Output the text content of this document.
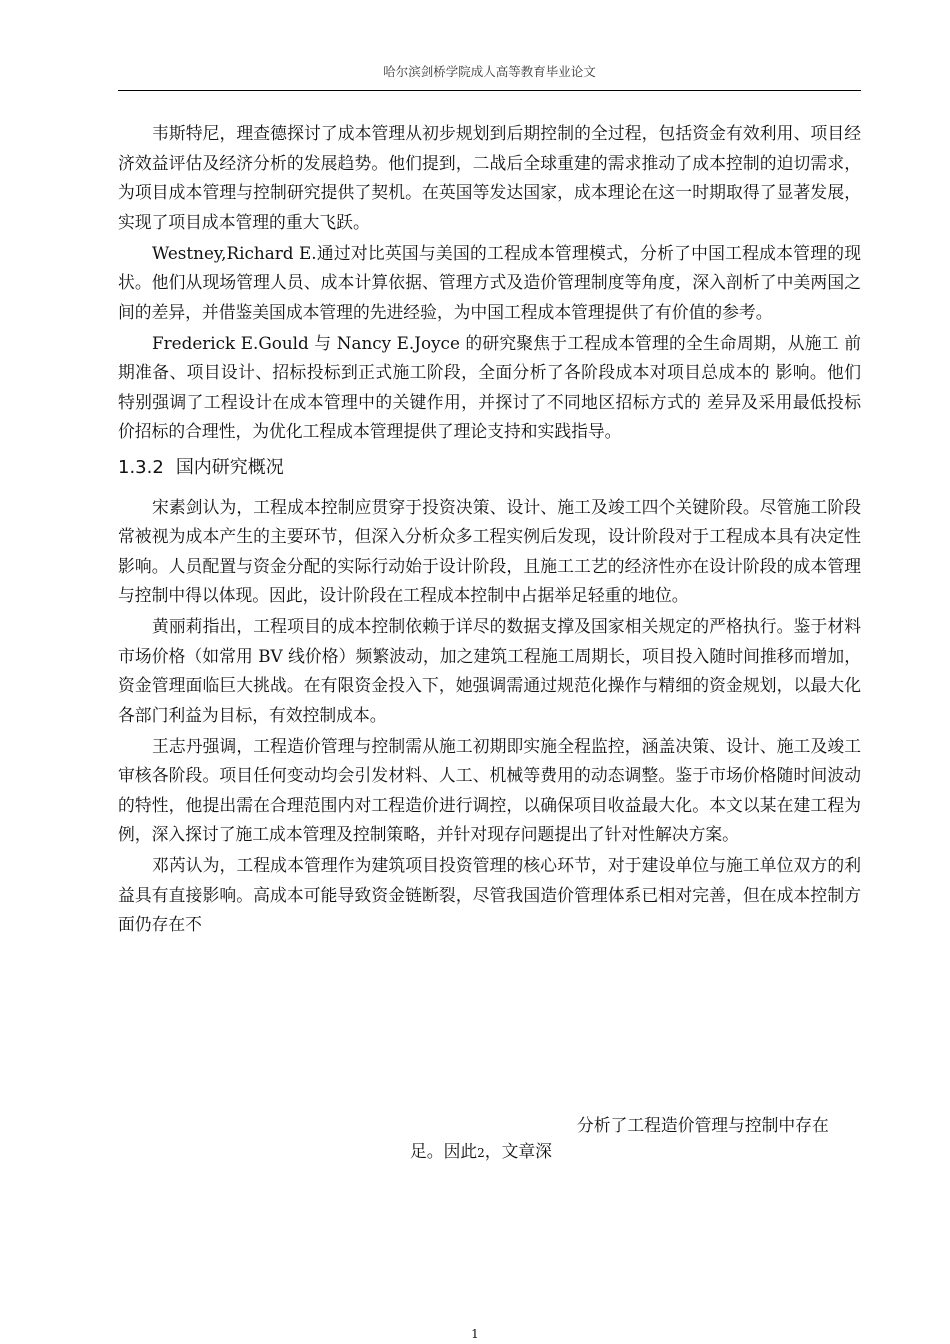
哈尔滨剑桥学院成人高等教育毕业论文

韦斯特尼，理查德探讨了成本管理从初步规划到后期控制的全过程，包括资金有效利用、项目经济效益评估及经济分析的发展趋势。他们提到，二战后全球重建的需求推动了成本控制的迫切需求，为项目成本管理与控制研究提供了契机。在英国等发达国家，成本理论在这一时期取得了显著发展，实现了项目成本管理的重大飞跃。

Westney,Richard E.通过对比英国与美国的工程成本管理模式，分析了中国工程成本管理的现状。他们从现场管理人员、成本计算依据、管理方式及造价管理制度等角度，深入剖析了中美两国之间的差异，并借鉴美国成本管理的先进经验，为中国工程成本管理提供了有价值的参考。

Frederick E.Gould 与 Nancy E.Joyce 的研究聚焦于工程成本管理的全生命周期，从施工 前期准备、项目设计、招标投标到正式施工阶段，全面分析了各阶段成本对项目总成本的 影响。他们特别强调了工程设计在成本管理中的关键作用，并探讨了不同地区招标方式的 差异及采用最低投标价招标的合理性，为优化工程成本管理提供了理论支持和实践指导。

1.3.2 国内研究概况

宋素剑认为，工程成本控制应贯穿于投资决策、设计、施工及竣工四个关键阶段。尽管施工阶段常被视为成本产生的主要环节，但深入分析众多工程实例后发现，设计阶段对于工程成本具有决定性影响。人员配置与资金分配的实际行动始于设计阶段，且施工工艺的经济性亦在设计阶段的成本管理与控制中得以体现。因此，设计阶段在工程成本控制中占据举足轻重的地位。

黄丽莉指出，工程项目的成本控制依赖于详尽的数据支撑及国家相关规定的严格执行。鉴于材料市场价格（如常用 BV 线价格）频繁波动，加之建筑工程施工周期长，项目投入随时间推移而增加，资金管理面临巨大挑战。在有限资金投入下，她强调需通过规范化操作与精细的资金规划，以最大化各部门利益为目标，有效控制成本。

王志丹强调，工程造价管理与控制需从施工初期即实施全程监控，涵盖决策、设计、施工及竣工审核各阶段。项目任何变动均会引发材料、人工、机械等费用的动态调整。鉴于市场价格随时间波动的特性，他提出需在合理范围内对工程造价进行调控，以确保项目收益最大化。本文以某在建工程为例，深入探讨了施工成本管理及控制策略，并针对现存问题提出了针对性解决方案。

邓芮认为，工程成本管理作为建筑项目投资管理的核心环节，对于建设单位与施工单位双方的利益具有直接影响。高成本可能导致资金链断裂，尽管我国造价管理体系已相对完善，但在成本控制方面仍存在不

分析了工程造价管理与控制中存在
足。因此2，文章深
1
